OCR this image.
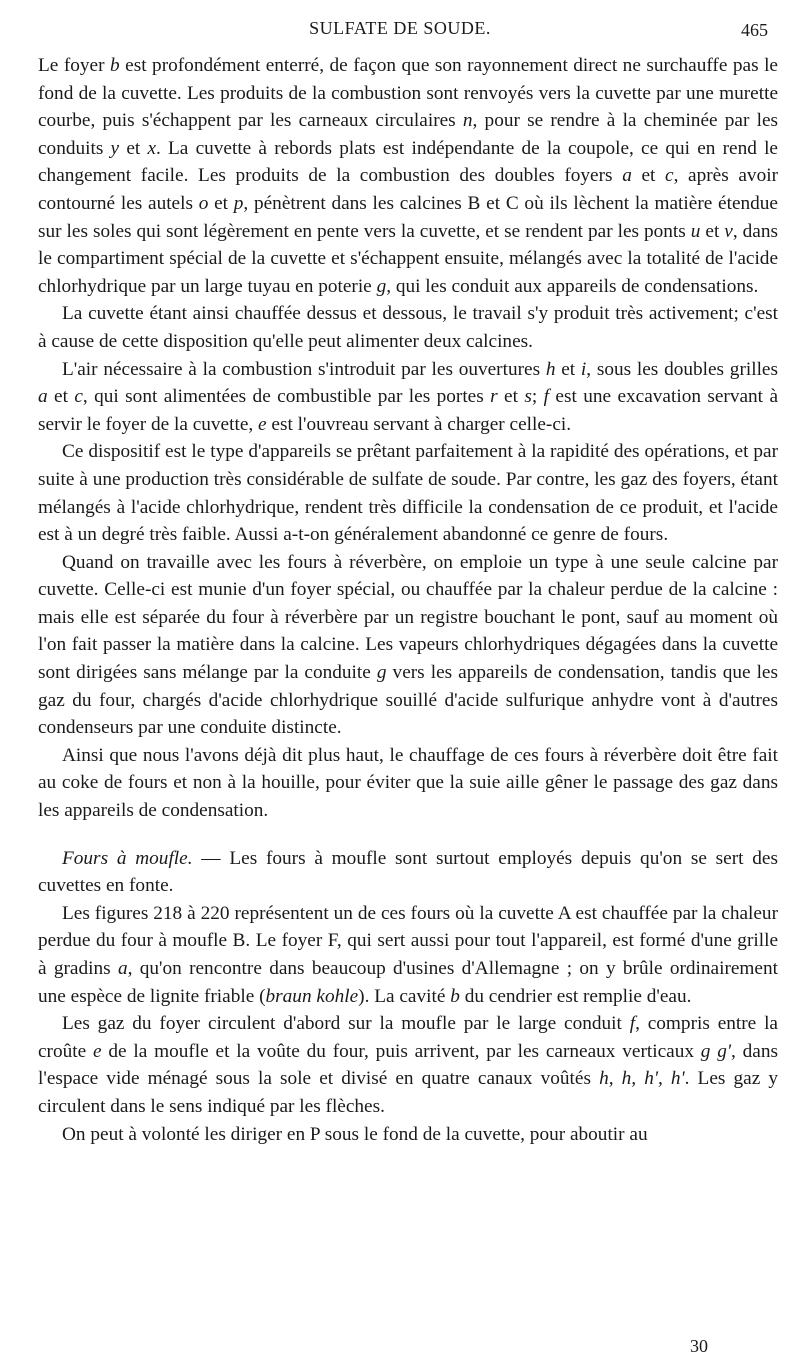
SULFATE DE SOUDE.	465

Le foyer b est profondément enterré, de façon que son rayonnement direct ne surchauffe pas le fond de la cuvette. Les produits de la combustion sont renvoyés vers la cuvette par une murette courbe, puis s'échappent par les carneaux circulaires n, pour se rendre à la cheminée par les conduits y et x. La cuvette à rebords plats est indépendante de la coupole, ce qui en rend le changement facile. Les produits de la combustion des doubles foyers a et c, après avoir contourné les autels o et p, pénètrent dans les calcines B et C où ils lèchent la matière étendue sur les soles qui sont légèrement en pente vers la cuvette, et se rendent par les ponts u et v, dans le compartiment spécial de la cuvette et s'échappent ensuite, mélangés avec la totalité de l'acide chlorhydrique par un large tuyau en poterie g, qui les conduit aux appareils de condensations.

La cuvette étant ainsi chauffée dessus et dessous, le travail s'y produit très activement; c'est à cause de cette disposition qu'elle peut alimenter deux calcines.

L'air nécessaire à la combustion s'introduit par les ouvertures h et i, sous les doubles grilles a et c, qui sont alimentées de combustible par les portes r et s; f est une excavation servant à servir le foyer de la cuvette, e est l'ouvreau servant à charger celle-ci.

Ce dispositif est le type d'appareils se prêtant parfaitement à la rapidité des opérations, et par suite à une production très considérable de sulfate de soude. Par contre, les gaz des foyers, étant mélangés à l'acide chlorhydrique, rendent très difficile la condensation de ce produit, et l'acide est à un degré très faible. Aussi a-t-on généralement abandonné ce genre de fours.

Quand on travaille avec les fours à réverbère, on emploie un type à une seule calcine par cuvette. Celle-ci est munie d'un foyer spécial, ou chauffée par la chaleur perdue de la calcine : mais elle est séparée du four à réverbère par un registre bouchant le pont, sauf au moment où l'on fait passer la matière dans la calcine. Les vapeurs chlorhydriques dégagées dans la cuvette sont dirigées sans mélange par la conduite g vers les appareils de condensation, tandis que les gaz du four, chargés d'acide chlorhydrique souillé d'acide sulfurique anhydre vont à d'autres condenseurs par une conduite distincte.

Ainsi que nous l'avons déjà dit plus haut, le chauffage de ces fours à réverbère doit être fait au coke de fours et non à la houille, pour éviter que la suie aille gêner le passage des gaz dans les appareils de condensation.

Fours à moufle. — Les fours à moufle sont surtout employés depuis qu'on se sert des cuvettes en fonte.

Les figures 218 à 220 représentent un de ces fours où la cuvette A est chauffée par la chaleur perdue du four à moufle B. Le foyer F, qui sert aussi pour tout l'appareil, est formé d'une grille à gradins a, qu'on rencontre dans beaucoup d'usines d'Allemagne ; on y brûle ordinairement une espèce de lignite friable (braun kohle). La cavité b du cendrier est remplie d'eau.

Les gaz du foyer circulent d'abord sur la moufle par le large conduit f, compris entre la croûte e de la moufle et la voûte du four, puis arrivent, par les carneaux verticaux g g', dans l'espace vide ménagé sous la sole et divisé en quatre canaux voûtés h, h, h', h'. Les gaz y circulent dans le sens indiqué par les flèches.

On peut à volonté les diriger en P sous le fond de la cuvette, pour aboutir au

30
